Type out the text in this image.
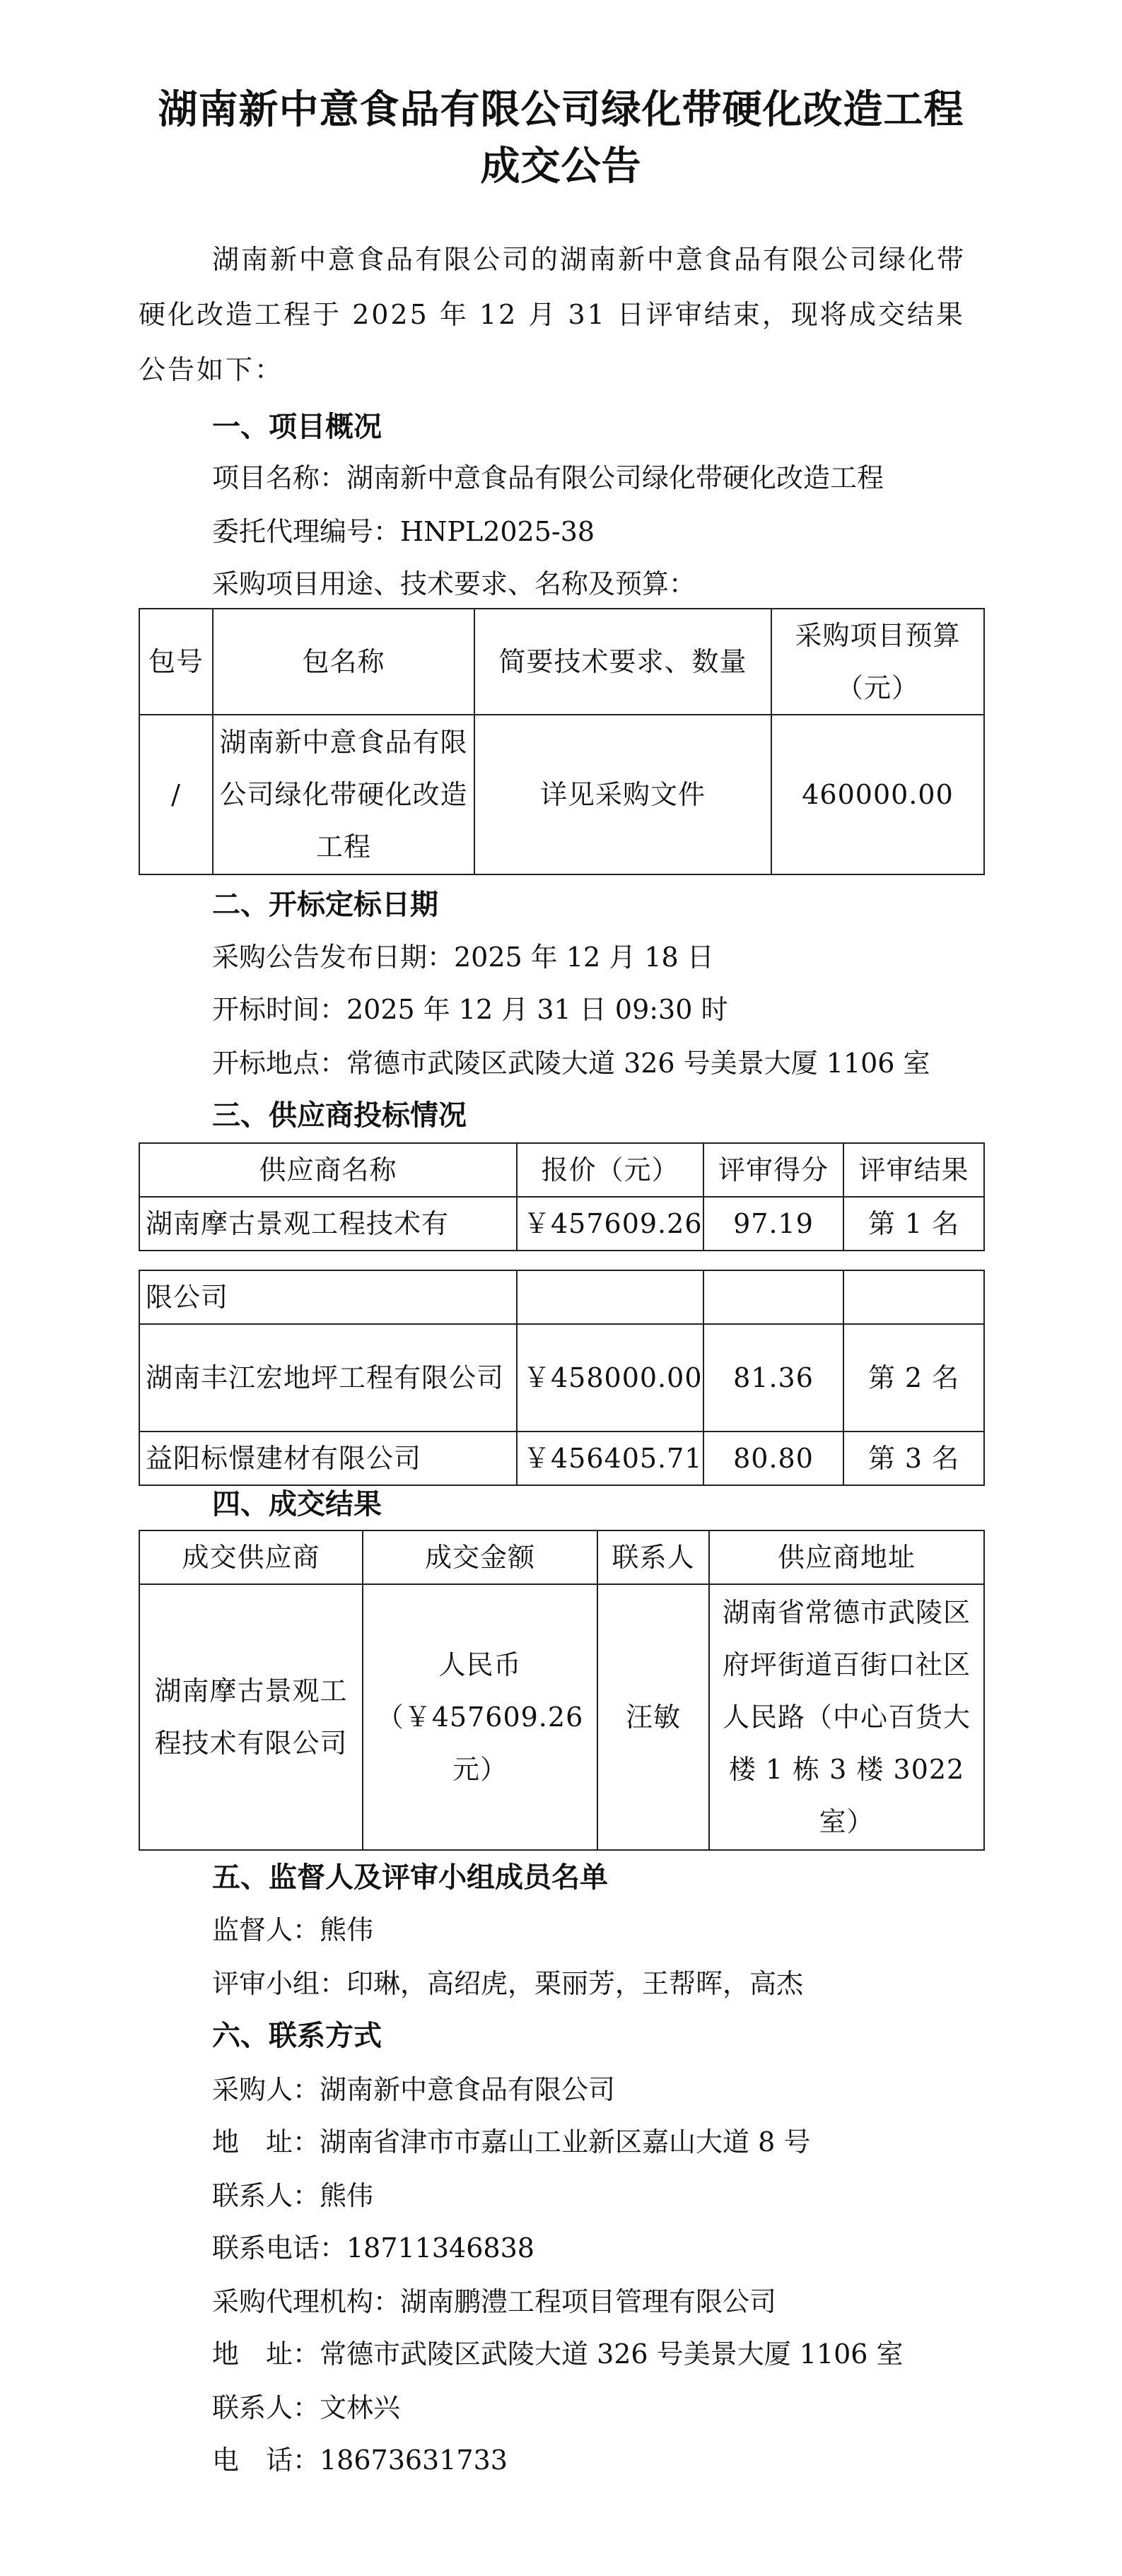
湖南新中意食品有限公司绿化带硬化改造工程
成交公告
湖南新中意食品有限公司的湖南新中意食品有限公司绿化带硬化改造工程于 2025 年 12 月 31 日评审结束，现将成交结果公告如下：
一、项目概况
项目名称：湖南新中意食品有限公司绿化带硬化改造工程
委托代理编号：HNPL2025-38
采购项目用途、技术要求、名称及预算：
包号	包名称	简要技术要求、数量	采购项目预算（元）
/	湖南新中意食品有限公司绿化带硬化改造工程	详见采购文件	460000.00
二、开标定标日期
采购公告发布日期：2025 年 12 月 18 日
开标时间：2025 年 12 月 31 日 09:30 时
开标地点：常德市武陵区武陵大道 326 号美景大厦 1106 室
三、供应商投标情况
供应商名称	报价（元）	评审得分	评审结果
湖南摩古景观工程技术有	￥457609.26	97.19	第 1 名
限公司			
湖南丰江宏地坪工程有限公司	￥458000.00	81.36	第 2 名
益阳标憬建材有限公司	￥456405.71	80.80	第 3 名
四、成交结果
成交供应商	成交金额	联系人	供应商地址
湖南摩古景观工程技术有限公司	人民币（￥457609.26 元）	汪敏	湖南省常德市武陵区府坪街道百街口社区人民路（中心百货大楼 1 栋 3 楼 3022 室）
五、监督人及评审小组成员名单
监督人：熊伟
评审小组：印琳，高绍虎，栗丽芳，王帮晖，高杰
六、联系方式
采购人：湖南新中意食品有限公司
地　址：湖南省津市市嘉山工业新区嘉山大道 8 号
联系人：熊伟
联系电话：18711346838
采购代理机构：湖南鹏澧工程项目管理有限公司
地　址：常德市武陵区武陵大道 326 号美景大厦 1106 室
联系人：文林兴
电　话：18673631733
